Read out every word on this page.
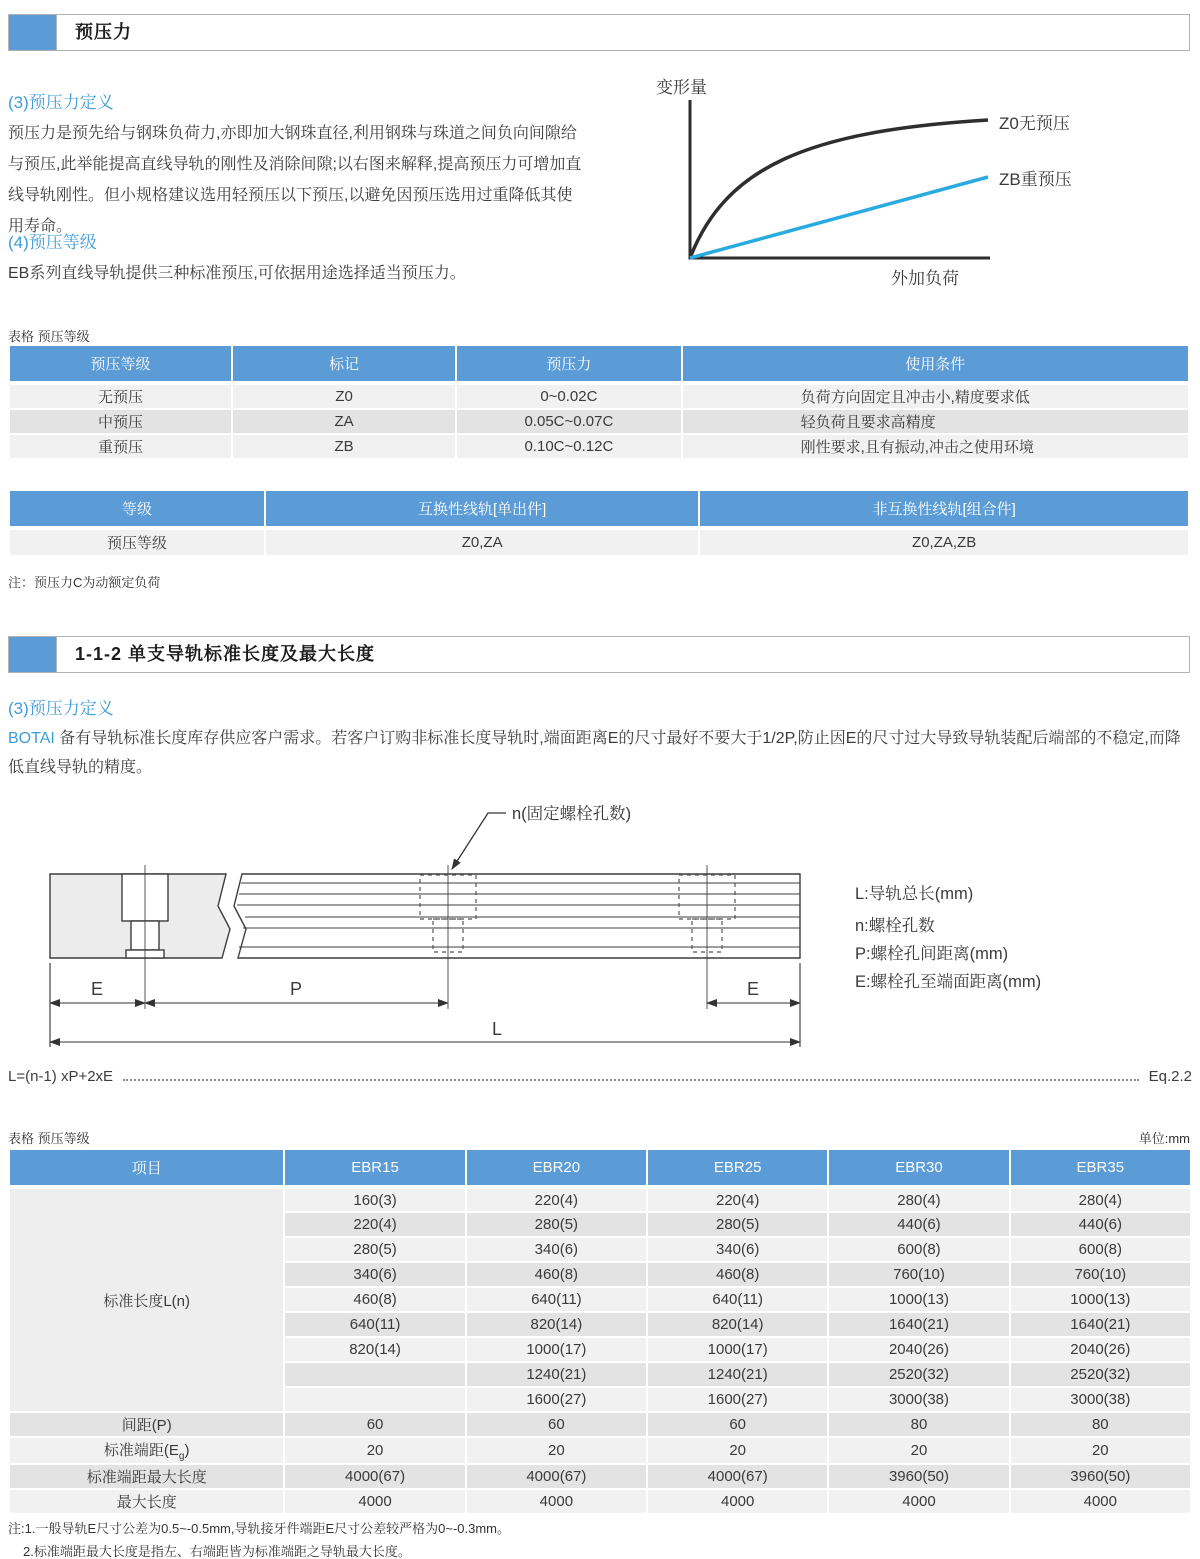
预压力
(3)预压力定义
预压力是预先给与钢珠负荷力,亦即加大钢珠直径,利用钢珠与珠道之间负向间隙给与预压,此举能提高直线导轨的刚性及消除间隙;以右图来解释,提高预压力可增加直线导轨刚性。但小规格建议选用轻预压以下预压,以避免因预压选用过重降低其使用寿命。
(4)预压等级
EB系列直线导轨提供三种标准预压,可依据用途选择适当预压力。
变形量
Z0无预压
ZB重预压
外加负荷
表格 预压等级
预压等级	标记	预压力	使用条件
无预压	Z0	0~0.02C	负荷方向固定且冲击小,精度要求低
中预压	ZA	0.05C~0.07C	轻负荷且要求高精度
重预压	ZB	0.10C~0.12C	刚性要求,且有振动,冲击之使用环境
等级	互换性线轨[单出件]	非互换性线轨[组合件]
预压等级	Z0,ZA	Z0,ZA,ZB
注：预压力C为动额定负荷
1-1-2 单支导轨标准长度及最大长度
(3)预压力定义
BOTAI 备有导轨标准长度库存供应客户需求。若客户订购非标准长度导轨时,端面距离E的尺寸最好不要大于1/2P,防止因E的尺寸过大导致导轨装配后端部的不稳定,而降低直线导轨的精度。
n(固定螺栓孔数)
E	P	E
L
L:导轨总长(mm)
n:螺栓孔数
P:螺栓孔间距离(mm)
E:螺栓孔至端面距离(mm)
L=(n-1) xP+2xE	Eq.2.2
表格 预压等级	单位:mm
项目	EBR15	EBR20	EBR25	EBR30	EBR35
标准长度L(n)	160(3)	220(4)	220(4)	280(4)	280(4)
	220(4)	280(5)	280(5)	440(6)	440(6)
	280(5)	340(6)	340(6)	600(8)	600(8)
	340(6)	460(8)	460(8)	760(10)	760(10)
	460(8)	640(11)	640(11)	1000(13)	1000(13)
	640(11)	820(14)	820(14)	1640(21)	1640(21)
	820(14)	1000(17)	1000(17)	2040(26)	2040(26)
		1240(21)	1240(21)	2520(32)	2520(32)
		1600(27)	1600(27)	3000(38)	3000(38)
间距(P)	60	60	60	80	80
标准端距$(E_g)$	20	20	20	20	20
标准端距最大长度	4000(67)	4000(67)	4000(67)	3960(50)	3960(50)
最大长度	4000	4000	4000	4000	4000
注:1.一般导轨E尺寸公差为0.5~-0.5mm,导轨接牙件端距E尺寸公差较严格为0~-0.3mm。
2.标准端距最大长度是指左、右端距皆为标准端距之导轨最大长度。
